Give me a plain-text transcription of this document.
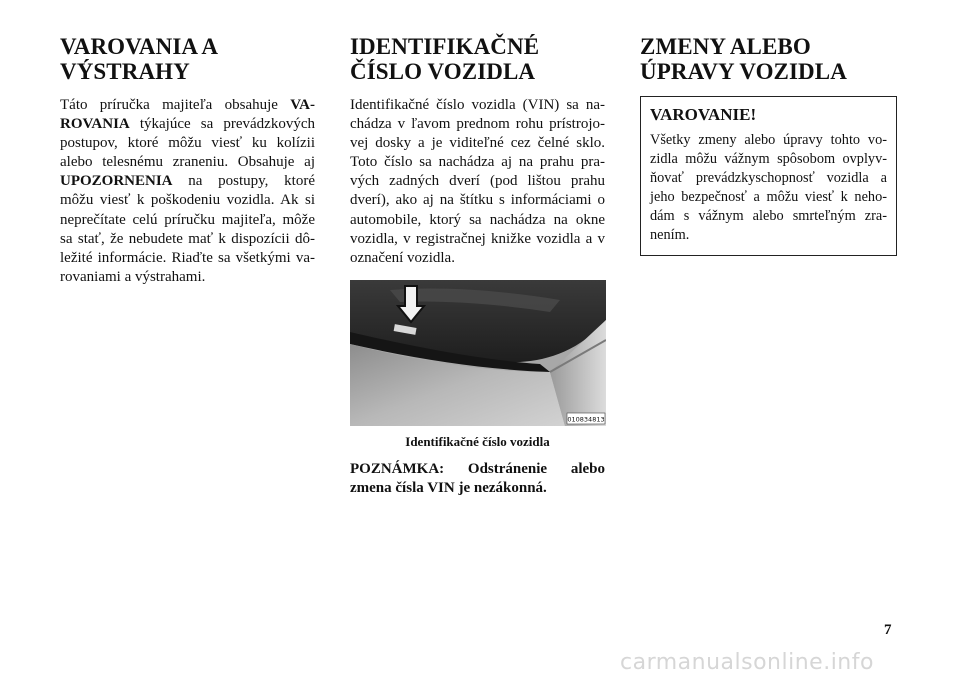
VAROVANIA A VÝSTRAHY

Táto príručka majiteľa obsahuje VAROVANIA týkajúce sa prevádzkových postupov, ktoré môžu viesť ku kolízii alebo telesnému zraneniu. Obsahuje aj UPOZORNENIA na postupy, ktoré môžu viesť k poškodeniu vozidla. Ak si neprečítate celú príručku majiteľa, môže sa stať, že nebudete mať k dispozícii dôležité informácie. Riaďte sa všetkými varovaniami a výstrahami.

IDENTIFIKAČNÉ ČÍSLO VOZIDLA

Identifikačné číslo vozidla (VIN) sa nachádza v ľavom prednom rohu prístrojovej dosky a je viditeľné cez čelné sklo. Toto číslo sa nachádza aj na prahu pravých zadných dverí (pod lištou prahu dverí), ako aj na štítku s informáciami o automobile, ktorý sa nachádza na okne vozidla, v registračnej knižke vozidla a v označení vozidla.

010834813
Identifikačné číslo vozidla
POZNÁMKA: Odstránenie alebo zmena čísla VIN je nezákonná.
ZMENY ALEBO ÚPRAVY VOZIDLA
VAROVANIE!
Všetky zmeny alebo úpravy tohto vozidla môžu vážnym spôsobom ovplyvňovať prevádzkyschopnosť vozidla a jeho bezpečnosť a môžu viesť k nehodám s vážnym alebo smrteľným zranením.
7
carmanualsonline.info
